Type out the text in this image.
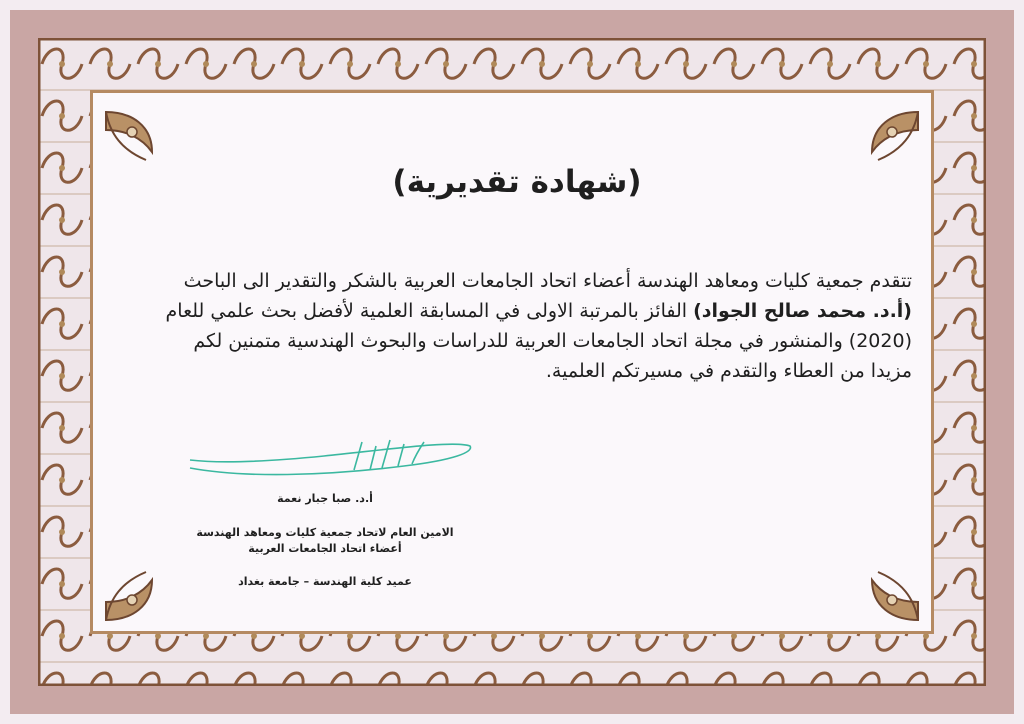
(شهادة تقديرية)
تتقدم جمعية كليات ومعاهد الهندسة أعضاء اتحاد الجامعات العربية بالشكر والتقدير الى الباحث
(أ.د. محمد صالح الجواد) الفائز بالمرتبة الاولى في المسابقة العلمية لأفضل بحث علمي للعام
(2020) والمنشور في مجلة اتحاد الجامعات العربية للدراسات والبحوث الهندسية متمنين لكم
مزيدا من العطاء والتقدم في مسيرتكم العلمية.
أ.د. صبا جبار نعمة
الامين العام لاتحاد جمعية كليات ومعاهد الهندسة
أعضاء اتحاد الجامعات العربية
عميد كلية الهندسة – جامعة بغداد
